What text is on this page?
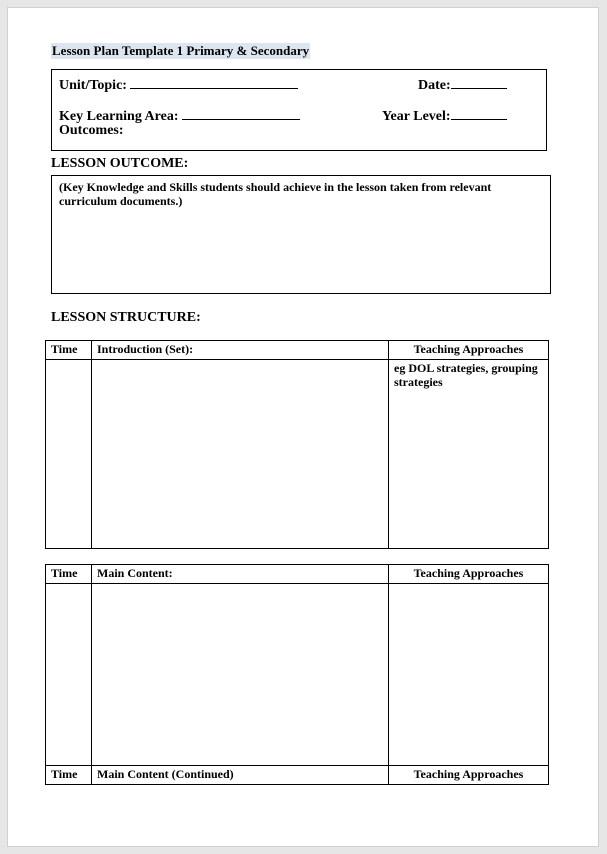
Lesson Plan Template 1 Primary & Secondary
Unit/Topic:	Date:
Key Learning Area:	Year Level:
Outcomes:
LESSON OUTCOME:
(Key Knowledge and Skills students should achieve in the lesson taken from relevant curriculum documents.)
LESSON STRUCTURE:
Time	Introduction (Set):	Teaching Approaches
		eg DOL strategies, grouping strategies
Time	Main Content:	Teaching Approaches

Time	Main Content (Continued)	Teaching Approaches
